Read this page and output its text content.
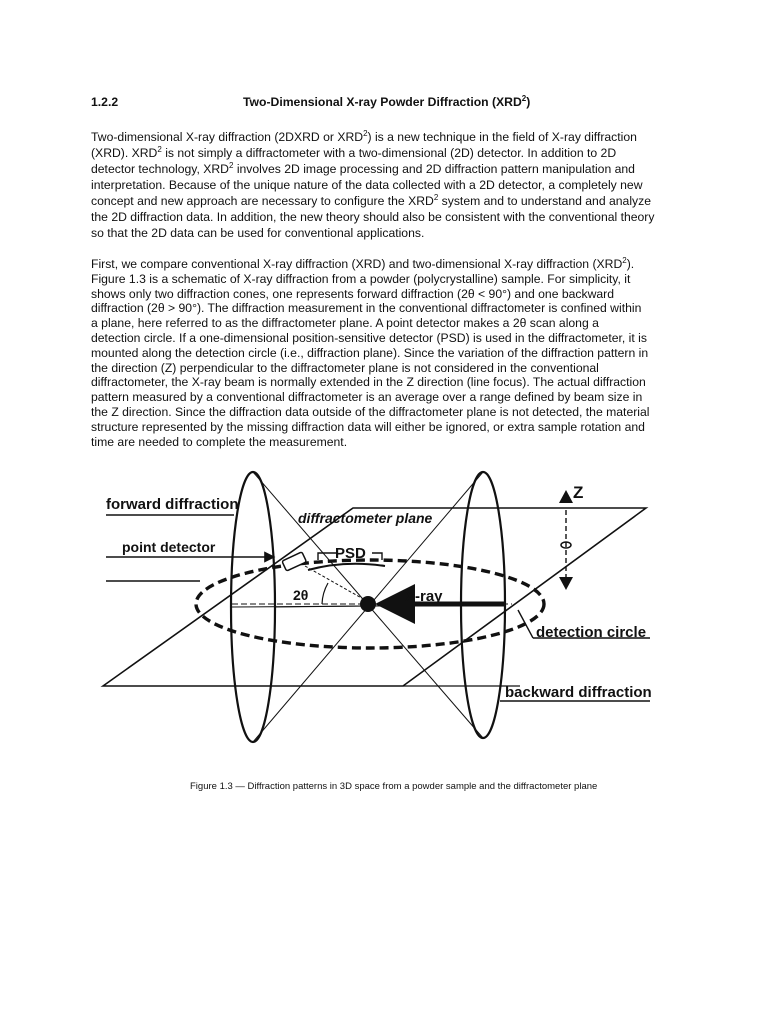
1.2.2	Two-Dimensional X-ray Powder Diffraction (XRD$^2$)

Two-dimensional X-ray diffraction (2DXRD or XRD$^2$) is a new technique in the field of X-ray diffraction
(XRD). XRD$^2$ is not simply a diffractometer with a two-dimensional (2D) detector. In addition to 2D
detector technology, XRD$^2$ involves 2D image processing and 2D diffraction pattern manipulation and
interpretation. Because of the unique nature of the data collected with a 2D detector, a completely new
concept and new approach are necessary to configure the XRD$^2$ system and to understand and analyze
the 2D diffraction data. In addition, the new theory should also be consistent with the conventional theory
so that the 2D data can be used for conventional applications.

First, we compare conventional X-ray diffraction (XRD) and two-dimensional X-ray diffraction (XRD$^2$).
Figure 1.3 is a schematic of X-ray diffraction from a powder (polycrystalline) sample. For simplicity, it
shows only two diffraction cones, one represents forward diffraction (2θ < 90°) and one backward
diffraction (2θ > 90°). The diffraction measurement in the conventional diffractometer is confined within
a plane, here referred to as the diffractometer plane. A point detector makes a 2θ scan along a
detection circle. If a one-dimensional position-sensitive detector (PSD) is used in the diffractometer, it is
mounted along the detection circle (i.e., diffraction plane). Since the variation of the diffraction pattern in
the direction (Z) perpendicular to the diffractometer plane is not considered in the conventional
diffractometer, the X-ray beam is normally extended in the Z direction (line focus). The actual diffraction
pattern measured by a conventional diffractometer is an average over a range defined by beam size in
the Z direction. Since the diffraction data outside of the diffractometer plane is not detected, the material
structure represented by the missing diffraction data will either be ignored, or extra sample rotation and
time are needed to complete the measurement.

forward diffraction
diffractometer plane
point detector	PSD
2θ	X-ray
Z
detection circle
backward diffraction
Figure 1.3 — Diffraction patterns in 3D space from a powder sample and the diffractometer plane
